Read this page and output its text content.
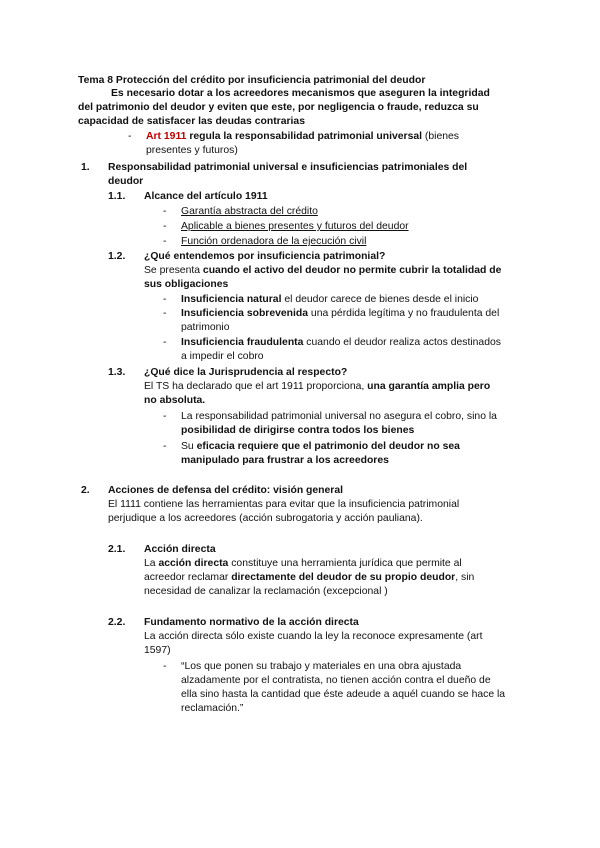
Tema 8 Protección del crédito por insuficiencia patrimonial del deudor
Es necesario dotar a los acreedores mecanismos que aseguren la integridad
del patrimonio del deudor y eviten que este, por negligencia o fraude, reduzca su
capacidad de satisfacer las deudas contrarias
- Art 1911 regula la responsabilidad patrimonial universal (bienes
presentes y futuros)
1. Responsabilidad patrimonial universal e insuficiencias patrimoniales del
deudor
1.1. Alcance del artículo 1911
- Garantía abstracta del crédito
- Aplicable a bienes presentes y futuros del deudor
- Función ordenadora de la ejecución civil
1.2. ¿Qué entendemos por insuficiencia patrimonial?
Se presenta cuando el activo del deudor no permite cubrir la totalidad de
sus obligaciones
- Insuficiencia natural el deudor carece de bienes desde el inicio
- Insuficiencia sobrevenida una pérdida legítima y no fraudulenta del
patrimonio
- Insuficiencia fraudulenta cuando el deudor realiza actos destinados
a impedir el cobro
1.3. ¿Qué dice la Jurisprudencia al respecto?
El TS ha declarado que el art 1911 proporciona, una garantía amplia pero
no absoluta.
- La responsabilidad patrimonial universal no asegura el cobro, sino la
posibilidad de dirigirse contra todos los bienes
- Su eficacia requiere que el patrimonio del deudor no sea
manipulado para frustrar a los acreedores
2. Acciones de defensa del crédito: visión general
El 1111 contiene las herramientas para evitar que la insuficiencia patrimonial
perjudique a los acreedores (acción subrogatoria y acción pauliana).
2.1. Acción directa
La acción directa constituye una herramienta jurídica que permite al
acreedor reclamar directamente del deudor de su propio deudor, sin
necesidad de canalizar la reclamación (excepcional )
2.2. Fundamento normativo de la acción directa
La acción directa sólo existe cuando la ley la reconoce expresamente (art
1597)
- “Los que ponen su trabajo y materiales en una obra ajustada
alzadamente por el contratista, no tienen acción contra el dueño de
ella sino hasta la cantidad que éste adeude a aquél cuando se hace la
reclamación.”
